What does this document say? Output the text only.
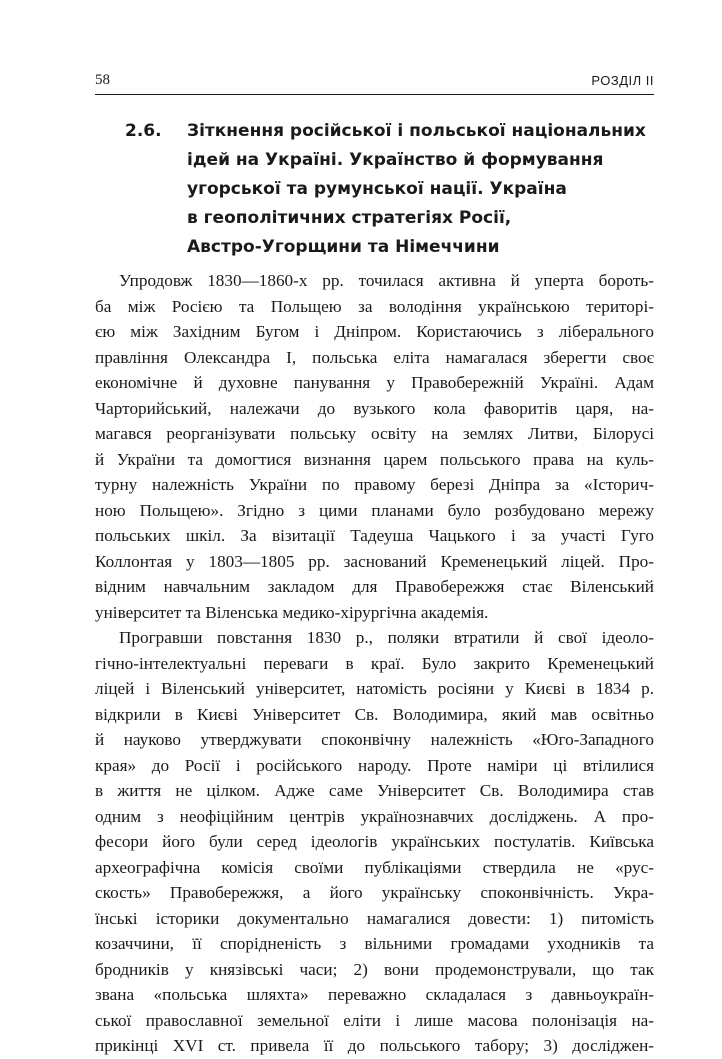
58	РОЗДІЛ II
2.6. Зіткнення російської і польської національних
ідей на Україні. Українство й формування
угорської та румунської нації. Україна
в геополітичних стратегіях Росії,
Австро-Угорщини та Німеччини
Упродовж 1830—1860-х рр. точилася активна й уперта бороть-
ба між Росією та Польщею за володіння українською територі-
єю між Західним Бугом і Дніпром. Користаючись з ліберального
правління Олександра І, польська еліта намагалася зберегти своє
економічне й духовне панування у Правобережній Україні. Адам
Чарторийський, належачи до вузького кола фаворитів царя, на-
магався реорганізувати польську освіту на землях Литви, Білорусі
й України та домогтися визнання царем польського права на куль-
турну належність України по правому березі Дніпра за «Історич-
ною Польщею». Згідно з цими планами було розбудовано мережу
польських шкіл. За візитації Тадеуша Чацького і за участі Гуго
Коллонтая у 1803—1805 рр. заснований Кременецький ліцей. Про-
відним навчальним закладом для Правобережжя стає Віленський
університет та Віленська медико-хірургічна академія.
Програвши повстання 1830 р., поляки втратили й свої ідеоло-
гічно-інтелектуальні переваги в краї. Було закрито Кременецький
ліцей і Віленський університет, натомість росіяни у Києві в 1834 р.
відкрили в Києві Університет Св. Володимира, який мав освітньо
й науково утверджувати споконвічну належність «Юго-Западного
края» до Росії і російського народу. Проте наміри ці втілилися
в життя не цілком. Адже саме Університет Св. Володимира став
одним з неофіційним центрів українознавчих досліджень. А про-
фесори його були серед ідеологів українських постулатів. Київська
археографічна комісія своїми публікаціями ствердила не «рус-
скость» Правобережжя, а його українську споконвічність. Укра-
їнські історики документально намагалися довести: 1) питомість
козаччини, її спорідненість з вільними громадами уходників та
бродників у князівські часи; 2) вони продемонстрували, що так
звана «польська шляхта» переважно складалася з давньоукраїн-
ської православної земельної еліти і лише масова полонізація на-
прикінці XVI ст. привела її до польського табору; 3) досліджен-
